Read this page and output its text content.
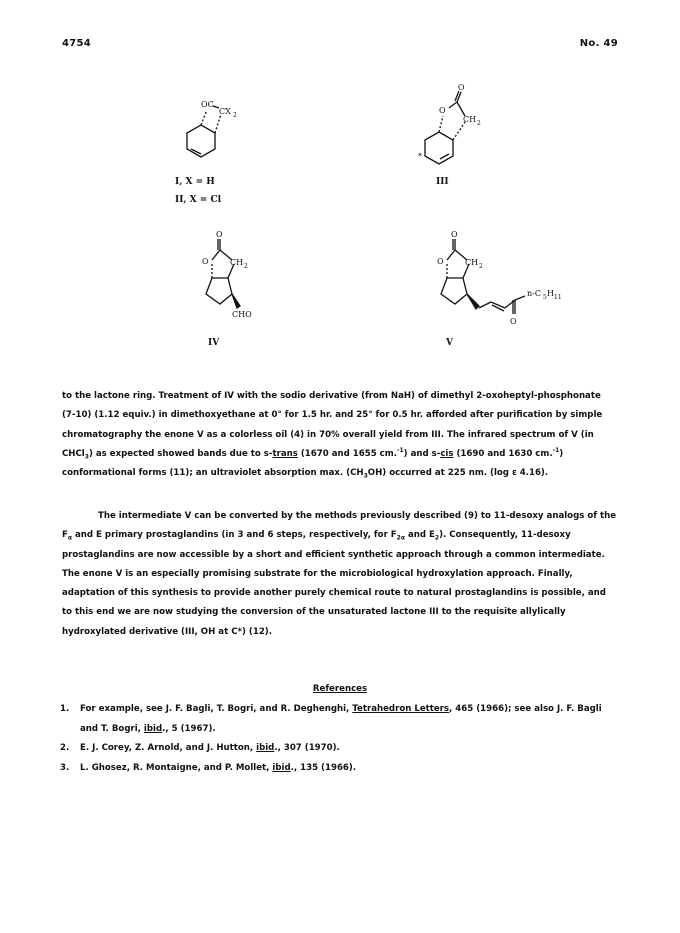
4754	No. 49
OC
CX 2
I, X = H
II, X = Cl
O
O
CH 2
*
III
O
O	CH 2
CHO
IV
O
O	CH 2
n-C 5 H 11
O
V

to the lactone ring. Treatment of IV with the sodio derivative (from NaH) of dimethyl 2-oxoheptyl-phosphonate (7-10) (1.12 equiv.) in dimethoxyethane at 0° for 1.5 hr. and 25° for 0.5 hr. afforded after purification by simple chromatography the enone V as a colorless oil (4) in 70% overall yield from III. The infrared spectrum of V (in CHCl$_3$) as expected showed bands due to s-trans (1670 and 1655 cm.$^{-1}$) and s-cis (1690 and 1630 cm.$^{-1}$) conformational forms (11); an ultraviolet absorption max. $(CH_3OH)$ occurred at 225 nm. (log ε 4.16).

The intermediate V can be converted by the methods previously described (9) to 11-desoxy analogs of the $F_\alpha$ and E primary prostaglandins (in 3 and 6 steps, respectively, for $F_{2\alpha}$ and $E_2$). Consequently, 11-desoxy prostaglandins are now accessible by a short and efficient synthetic approach through a common intermediate. The enone V is an especially promising substrate for the microbiological hydroxylation approach. Finally, adaptation of this synthesis to provide another purely chemical route to natural prostaglandins is possible, and to this end we are now studying the conversion of the unsaturated lactone III to the requisite allylically hydroxylated derivative (III, OH at C*) (12).

References
1.	For example, see J. F. Bagli, T. Bogri, and R. Deghenghi, Tetrahedron Letters, 465 (1966); see also J. F. Bagli and T. Bogri, ibid., 5 (1967).
2.	E. J. Corey, Z. Arnold, and J. Hutton, ibid., 307 (1970).
3.	L. Ghosez, R. Montaigne, and P. Mollet, ibid., 135 (1966).
